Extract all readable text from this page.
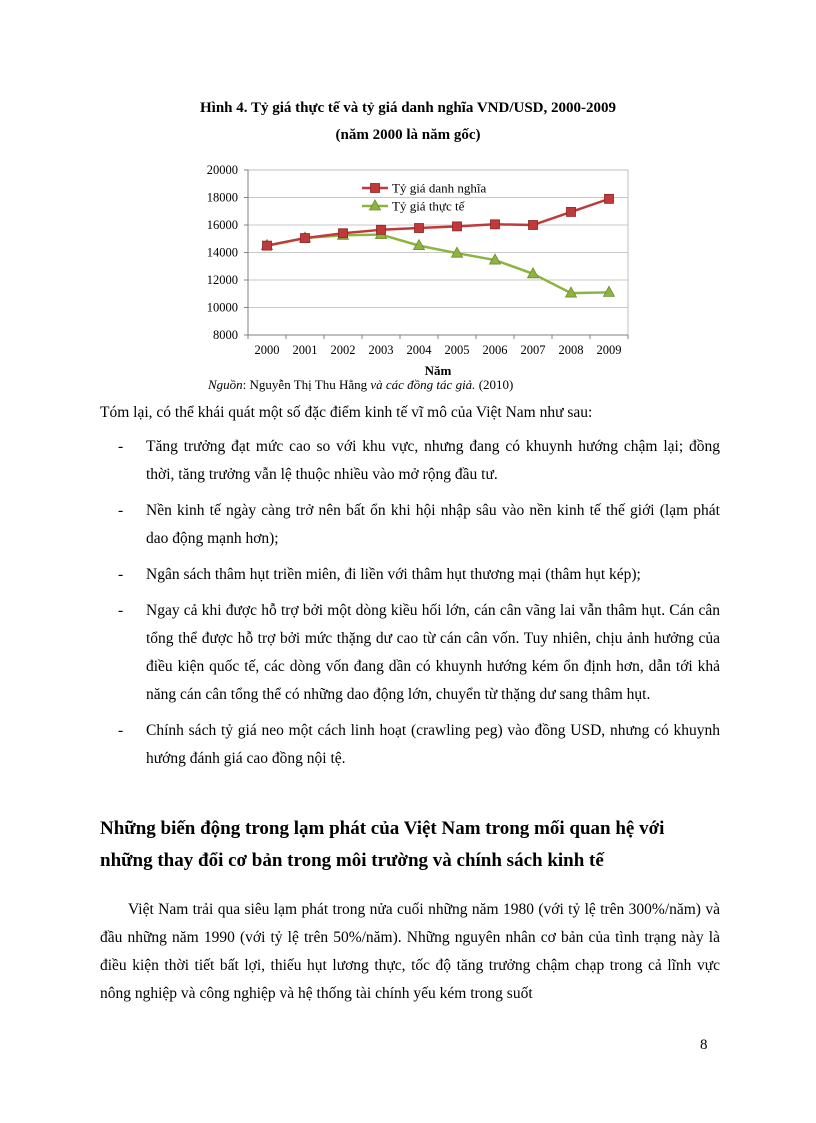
Hình 4. Tỷ giá thực tế và tỷ giá danh nghĩa VND/USD, 2000-2009
(năm 2000 là năm gốc)
8000
10000
12000
14000
16000
18000
20000
2000 2001 2002 2003 2004 2005 2006 2007 2008 2009
Tỷ giá danh nghĩa
Tỷ giá thực tế
Năm
Nguồn: Nguyễn Thị Thu Hằng và các đồng tác giả. (2010)
Tóm lại, có thể khái quát một số đặc điểm kinh tế vĩ mô của Việt Nam như sau:
- Tăng trưởng đạt mức cao so với khu vực, nhưng đang có khuynh hướng chậm lại; đồng thời, tăng trưởng vẫn lệ thuộc nhiều vào mở rộng đầu tư.
- Nền kinh tế ngày càng trở nên bất ổn khi hội nhập sâu vào nền kinh tế thế giới (lạm phát dao động mạnh hơn);
- Ngân sách thâm hụt triền miên, đi liền với thâm hụt thương mại (thâm hụt kép);
- Ngay cả khi được hỗ trợ bởi một dòng kiều hối lớn, cán cân vãng lai vẫn thâm hụt. Cán cân tổng thể được hỗ trợ bởi mức thặng dư cao từ cán cân vốn. Tuy nhiên, chịu ảnh hưởng của điều kiện quốc tế, các dòng vốn đang dần có khuynh hướng kém ổn định hơn, dẫn tới khả năng cán cân tổng thể có những dao động lớn, chuyển từ thặng dư sang thâm hụt.
- Chính sách tỷ giá neo một cách linh hoạt (crawling peg) vào đồng USD, nhưng có khuynh hướng đánh giá cao đồng nội tệ.
Những biến động trong lạm phát của Việt Nam trong mối quan hệ với những thay đổi cơ bản trong môi trường và chính sách kinh tế
Việt Nam trải qua siêu lạm phát trong nửa cuối những năm 1980 (với tỷ lệ trên 300%/năm) và đầu những năm 1990 (với tỷ lệ trên 50%/năm). Những nguyên nhân cơ bản của tình trạng này là điều kiện thời tiết bất lợi, thiếu hụt lương thực, tốc độ tăng trưởng chậm chạp trong cả lĩnh vực nông nghiệp và công nghiệp và hệ thống tài chính yếu kém trong suốt
8
